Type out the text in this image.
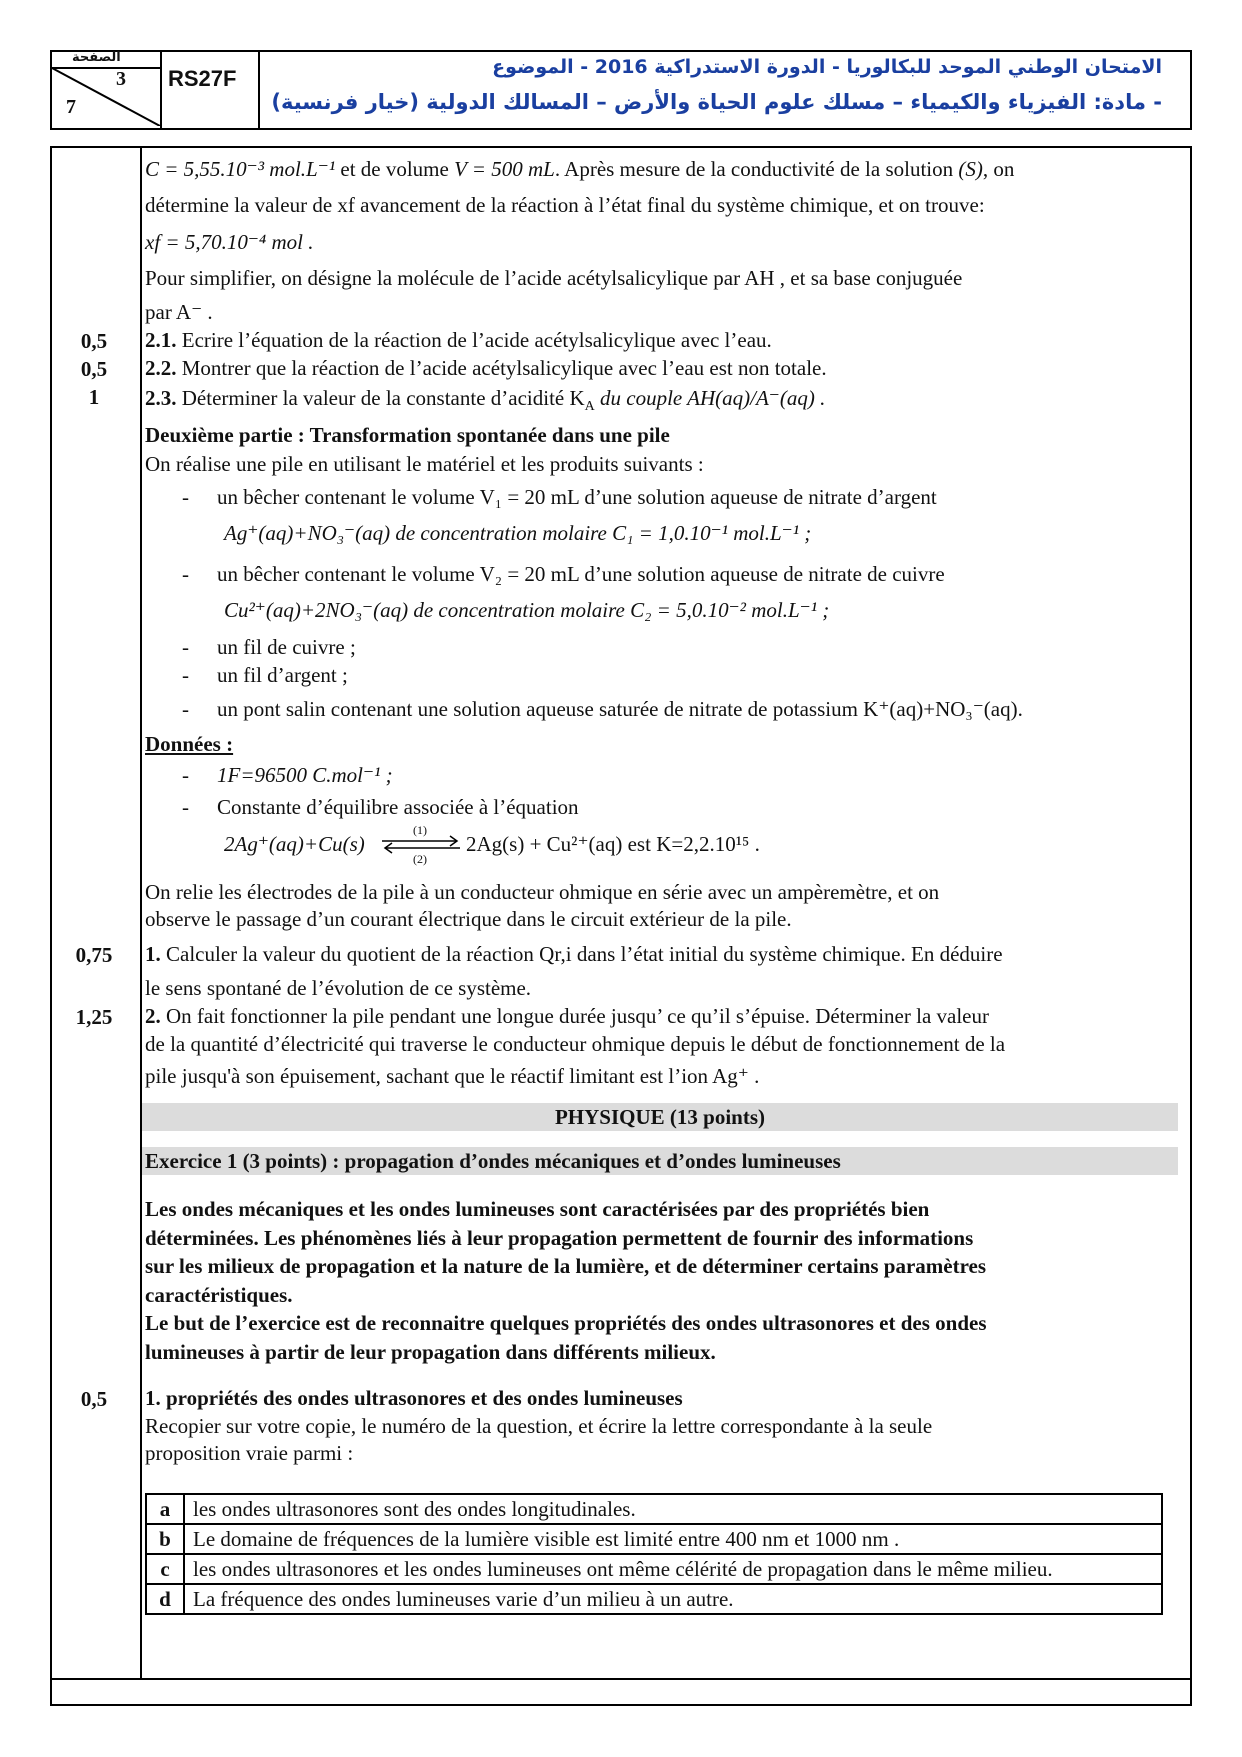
الصفحة
3
7
RS27F	الامتحان الوطني الموحد للبكالوريا - الدورة الاستدراكية 2016 - الموضوع
- مادة: الفيزياء والكيمياء – مسلك علوم الحياة والأرض – المسالك الدولية (خيار فرنسية)
0,5
0,5
1
0,75
1,25
0,5
C = 5,55.10⁻³ mol.L⁻¹ et de volume V = 500 mL. Après mesure de la conductivité de la solution (S), on
détermine la valeur de xf avancement de la réaction à l’état final du système chimique, et on trouve:
xf = 5,70.10⁻⁴ mol .
Pour simplifier, on désigne la molécule de l’acide acétylsalicylique par AH , et sa base conjuguée
par A⁻ .
2.1. Ecrire l’équation de la réaction de l’acide acétylsalicylique avec l’eau.
2.2. Montrer que la réaction de l’acide acétylsalicylique avec l’eau est non totale.
2.3. Déterminer la valeur de la constante d’acidité $K_A$ du couple AH(aq)/A⁻(aq) .
Deuxième partie : Transformation spontanée dans une pile
On réalise une pile en utilisant le matériel et les produits suivants :
- un bêcher contenant le volume V₁ = 20 mL d’une solution aqueuse de nitrate d’argent
Ag⁺(aq)+NO₃⁻(aq) de concentration molaire C₁ = 1,0.10⁻¹ mol.L⁻¹ ;
- un bêcher contenant le volume V₂ = 20 mL d’une solution aqueuse de nitrate de cuivre
Cu²⁺(aq)+2NO₃⁻(aq) de concentration molaire C₂ = 5,0.10⁻² mol.L⁻¹ ;
- un fil de cuivre ;
- un fil d’argent ;
- un pont salin contenant une solution aqueuse saturée de nitrate de potassium K⁺(aq)+NO₃⁻(aq).
Données :
- 1F=96500 C.mol⁻¹ ;
- Constante d’équilibre associée à l’équation
2Ag⁺(aq)+Cu(s)
(1)
(2)
2Ag(s) + Cu²⁺(aq) est K=2,2.10¹⁵ .
On relie les électrodes de la pile à un conducteur ohmique en série avec un ampèremètre, et on
observe le passage d’un courant électrique dans le circuit extérieur de la pile.
1. Calculer la valeur du quotient de la réaction Qr,i dans l’état initial du système chimique. En déduire
le sens spontané de l’évolution de ce système.
2. On fait fonctionner la pile pendant une longue durée jusqu’ ce qu’il s’épuise. Déterminer la valeur
de la quantité d’électricité qui traverse le conducteur ohmique depuis le début de fonctionnement de la
pile jusqu'à son épuisement, sachant que le réactif limitant est l’ion Ag⁺ .
PHYSIQUE (13 points)
Exercice 1 (3 points) : propagation d’ondes mécaniques et d’ondes lumineuses
Les ondes mécaniques et les ondes lumineuses sont caractérisées par des propriétés bien
déterminées. Les phénomènes liés à leur propagation permettent de fournir des informations
sur les milieux de propagation et la nature de la lumière, et de déterminer certains paramètres
caractéristiques.
Le but de l’exercice est de reconnaitre quelques propriétés des ondes ultrasonores et des ondes
lumineuses à partir de leur propagation dans différents milieux.
1. propriétés des ondes ultrasonores et des ondes lumineuses
Recopier sur votre copie, le numéro de la question, et écrire la lettre correspondante à la seule
proposition vraie parmi :
a	les ondes ultrasonores sont des ondes longitudinales.
b	Le domaine de fréquences de la lumière visible est limité entre 400 nm et 1000 nm .
c	les ondes ultrasonores et les ondes lumineuses ont même célérité de propagation dans le même milieu.
d	La fréquence des ondes lumineuses varie d’un milieu à un autre.
